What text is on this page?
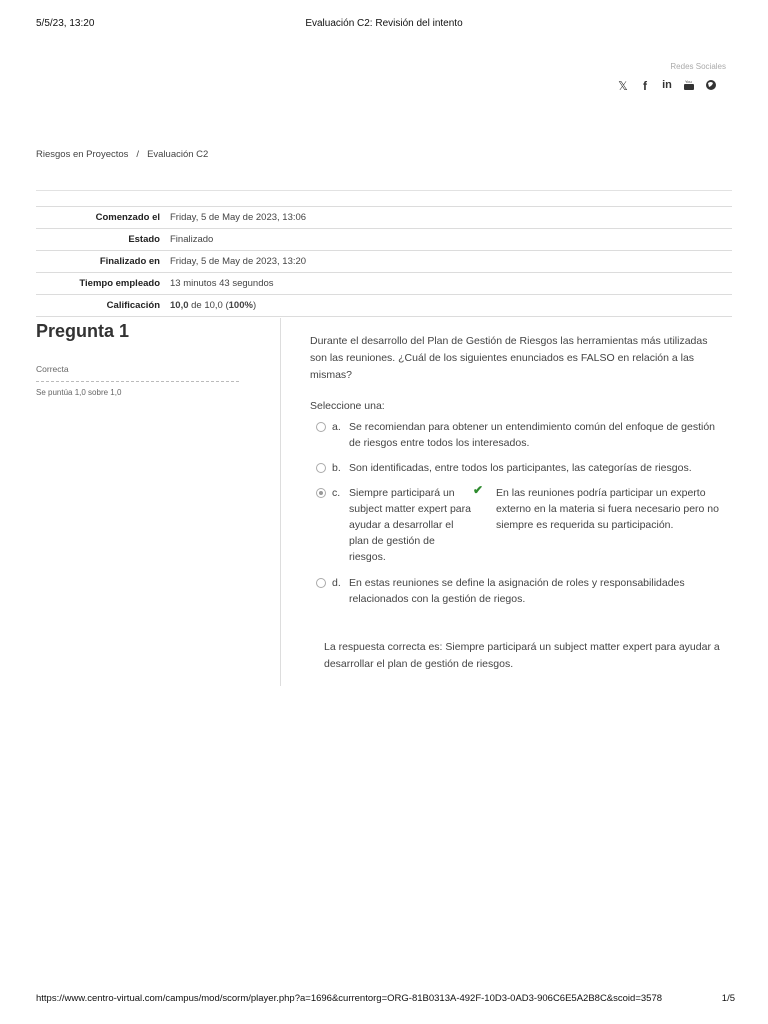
5/5/23, 13:20	Evaluación C2: Revisión del intento
Redes Sociales
𝕏	f	in	You
Riesgos en Proyectos / Evaluación C2
Comenzado el	Friday, 5 de May de 2023, 13:06
Estado	Finalizado
Finalizado en	Friday, 5 de May de 2023, 13:20
Tiempo empleado	13 minutos 43 segundos
Calificación	10,0 de 10,0 (100%)
Pregunta 1
Correcta
Se puntúa 1,0 sobre 1,0
Durante el desarrollo del Plan de Gestión de Riesgos las herramientas más utilizadas son las reuniones. ¿Cuál de los siguientes enunciados es FALSO en relación a las mismas?
Seleccione una:
a. Se recomiendan para obtener un entendimiento común del enfoque de gestión de riesgos entre todos los interesados.
b. Son identificadas, entre todos los participantes, las categorías de riesgos.
c. Siempre participará un subject matter expert para ayudar a desarrollar el plan de gestión de riesgos.
✔ En las reuniones podría participar un experto externo en la materia si fuera necesario pero no siempre es requerida su participación.
d. En estas reuniones se define la asignación de roles y responsabilidades relacionados con la gestión de riegos.
La respuesta correcta es: Siempre participará un subject matter expert para ayudar a desarrollar el plan de gestión de riesgos.
https://www.centro-virtual.com/campus/mod/scorm/player.php?a=1696&currentorg=ORG-81B0313A-492F-10D3-0AD3-906C6E5A2B8C&scoid=3578	1/5
